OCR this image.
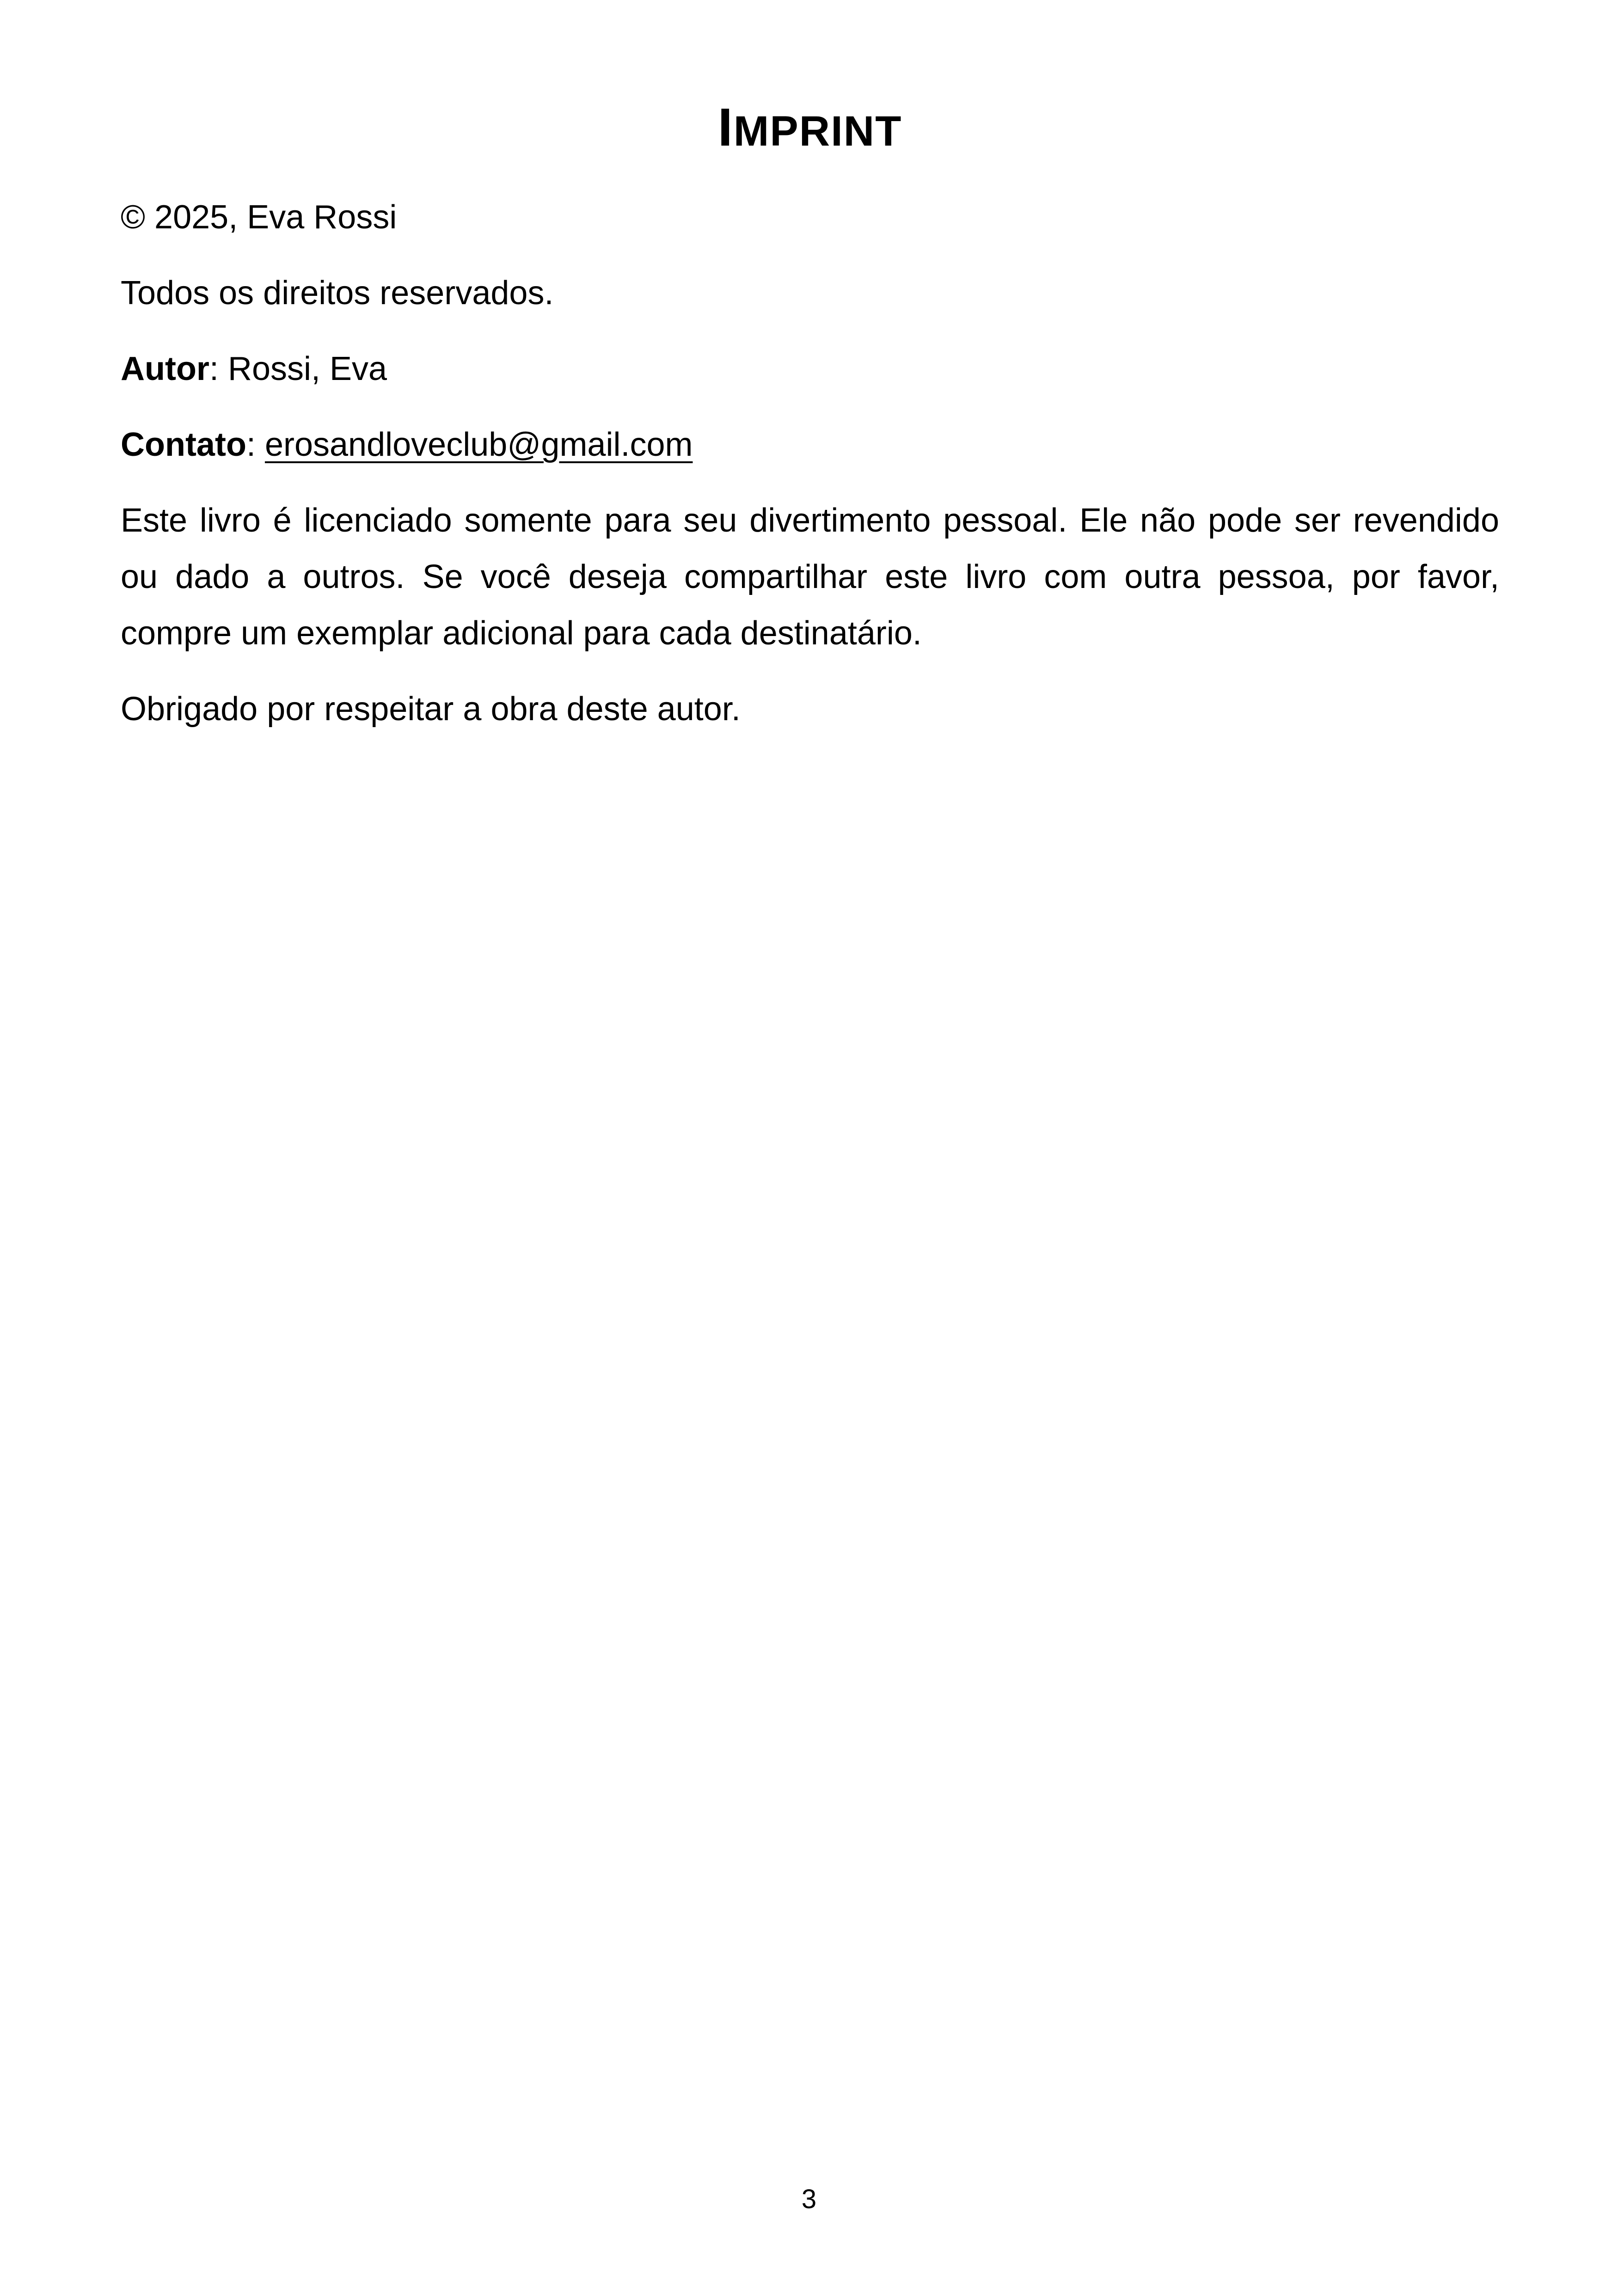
IMPRINT

© 2025, Eva Rossi

Todos os direitos reservados.

Autor: Rossi, Eva

Contato: erosandloveclub@gmail.com

Este livro é licenciado somente para seu divertimento pessoal. Ele não pode ser revendido ou dado a outros. Se você deseja compartilhar este livro com outra pessoa, por favor, compre um exemplar adicional para cada destinatário.

Obrigado por respeitar a obra deste autor.

3
